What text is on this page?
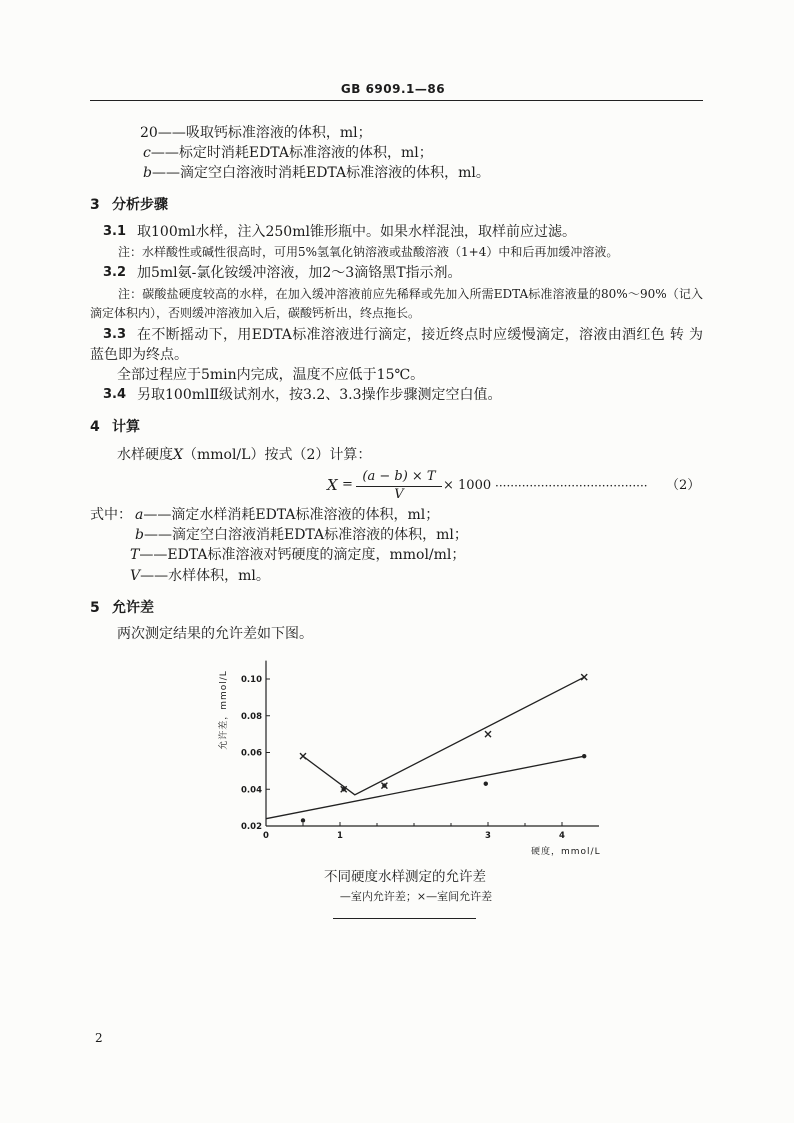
GB 6909.1—86
20——吸取钙标准溶液的体积，ml；
c——标定时消耗EDTA标准溶液的体积，ml；
b——滴定空白溶液时消耗EDTA标准溶液的体积，ml。
3 分析步骤
3.1 取100ml水样，注入250ml锥形瓶中。如果水样混浊，取样前应过滤。
注：水样酸性或碱性很高时，可用5%氢氧化钠溶液或盐酸溶液（1+4）中和后再加缓冲溶液。
3.2 加5ml氨-氯化铵缓冲溶液，加2～3滴铬黑T指示剂。
注：碳酸盐硬度较高的水样，在加入缓冲溶液前应先稀释或先加入所需EDTA标准溶液量的80%～90%（记入
滴定体积内），否则缓冲溶液加入后，碳酸钙析出，终点拖长。
3.3 在不断摇动下，用EDTA标准溶液进行滴定，接近终点时应缓慢滴定，溶液由酒红色 转 为
蓝色即为终点。
全部过程应于5min内完成，温度不应低于15℃。
3.4 另取100mlⅡ级试剂水，按3.2、3.3操作步骤测定空白值。
4 计算
水样硬度X（mmol/L）按式（2）计算：
X =
(a − b) × T
V
× 1000 ········································ （2）
式中： a——滴定水样消耗EDTA标准溶液的体积，ml；
b——滴定空白溶液消耗EDTA标准溶液的体积，ml；
T——EDTA标准溶液对钙硬度的滴定度，mmol/ml；
V——水样体积，ml。
5 允许差
两次测定结果的允许差如下图。
0	1	3	4
0.10
0.08
0.06
0.04
0.02
硬度，mmol/L
允许差，mmol/L
不同硬度水样测定的允许差
—室内允许差；×—室间允许差
2
